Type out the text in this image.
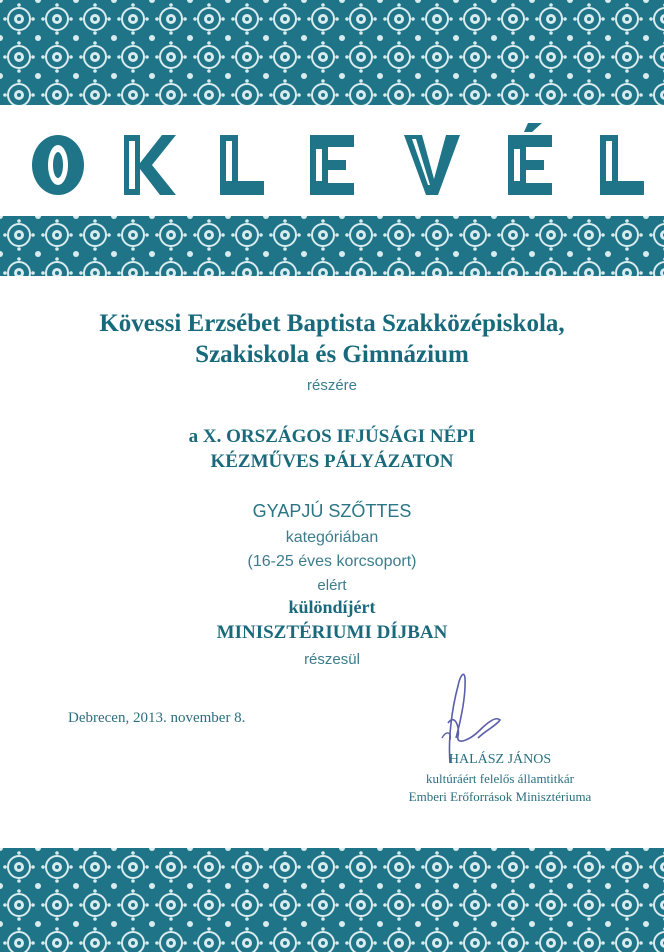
Kövessi Erzsébet Baptista Szakközépiskola,
Szakiskola és Gimnázium
részére
a X. ORSZÁGOS IFJÚSÁGI NÉPI
KÉZMŰVES PÁLYÁZATON
GYAPJÚ SZŐTTES
kategóriában
(16-25 éves korcsoport)
elért
különdíjért
MINISZTÉRIUMI DÍJBAN
részesül
Debrecen, 2013. november 8.
HALÁSZ JÁNOS
kultúráért felelős államtitkár
Emberi Erőforrások Minisztériuma
